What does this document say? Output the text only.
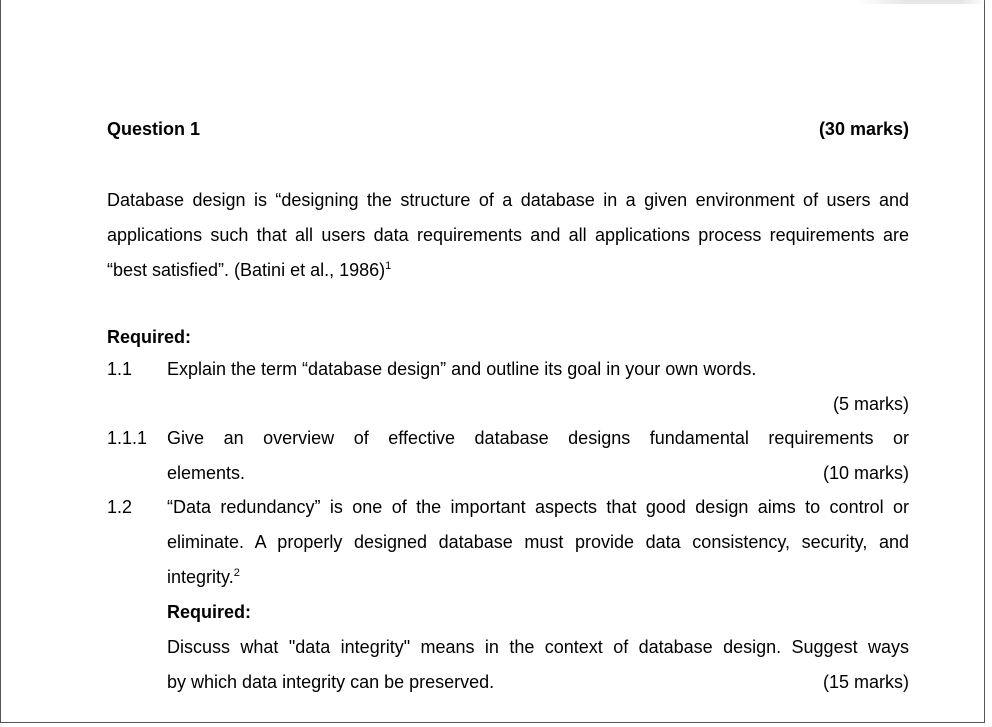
Question 1	(30 marks)

Database design is “designing the structure of a database in a given environment of users and applications such that all users data requirements and all applications process requirements are “best satisfied”. (Batini et al., 1986)$^1$

Required:
1.1 Explain the term “database design” and outline its goal in your own words.
(5 marks)
1.1.1 Give an overview of effective database designs fundamental requirements or
elements.	(10 marks)
1.2 “Data redundancy” is one of the important aspects that good design aims to control or eliminate. A properly designed database must provide data consistency, security, and integrity.$^2$
Required:
Discuss what "data integrity" means in the context of database design. Suggest ways
by which data integrity can be preserved.	(15 marks)
